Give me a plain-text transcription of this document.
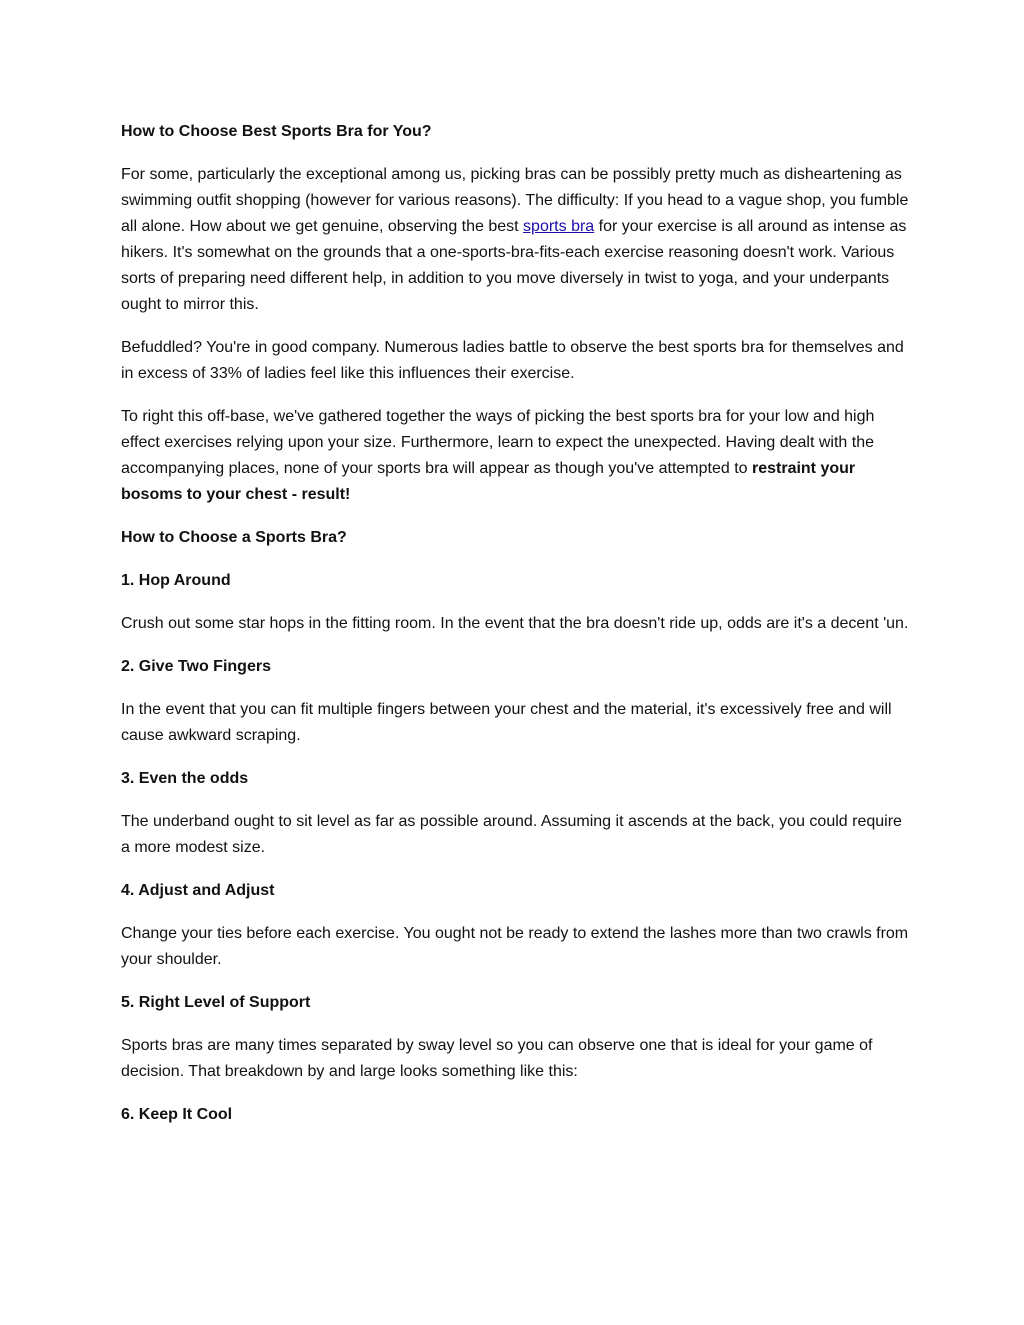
How to Choose Best Sports Bra for You?

For some, particularly the exceptional among us, picking bras can be possibly pretty much as disheartening as swimming outfit shopping (however for various reasons). The difficulty: If you head to a vague shop, you fumble all alone. How about we get genuine, observing the best sports bra for your exercise is all around as intense as hikers. It's somewhat on the grounds that a one-sports-bra-fits-each exercise reasoning doesn't work. Various sorts of preparing need different help, in addition to you move diversely in twist to yoga, and your underpants ought to mirror this.

Befuddled? You're in good company. Numerous ladies battle to observe the best sports bra for themselves and in excess of 33% of ladies feel like this influences their exercise.

To right this off-base, we've gathered together the ways of picking the best sports bra for your low and high effect exercises relying upon your size. Furthermore, learn to expect the unexpected. Having dealt with the accompanying places, none of your sports bra will appear as though you've attempted to restraint your bosoms to your chest - result!

How to Choose a Sports Bra?

1. Hop Around

Crush out some star hops in the fitting room. In the event that the bra doesn't ride up, odds are it's a decent 'un.

2. Give Two Fingers

In the event that you can fit multiple fingers between your chest and the material, it's excessively free and will cause awkward scraping.

3. Even the odds

The underband ought to sit level as far as possible around. Assuming it ascends at the back, you could require a more modest size.

4. Adjust and Adjust

Change your ties before each exercise. You ought not be ready to extend the lashes more than two crawls from your shoulder.

5. Right Level of Support

Sports bras are many times separated by sway level so you can observe one that is ideal for your game of decision. That breakdown by and large looks something like this:

6. Keep It Cool
